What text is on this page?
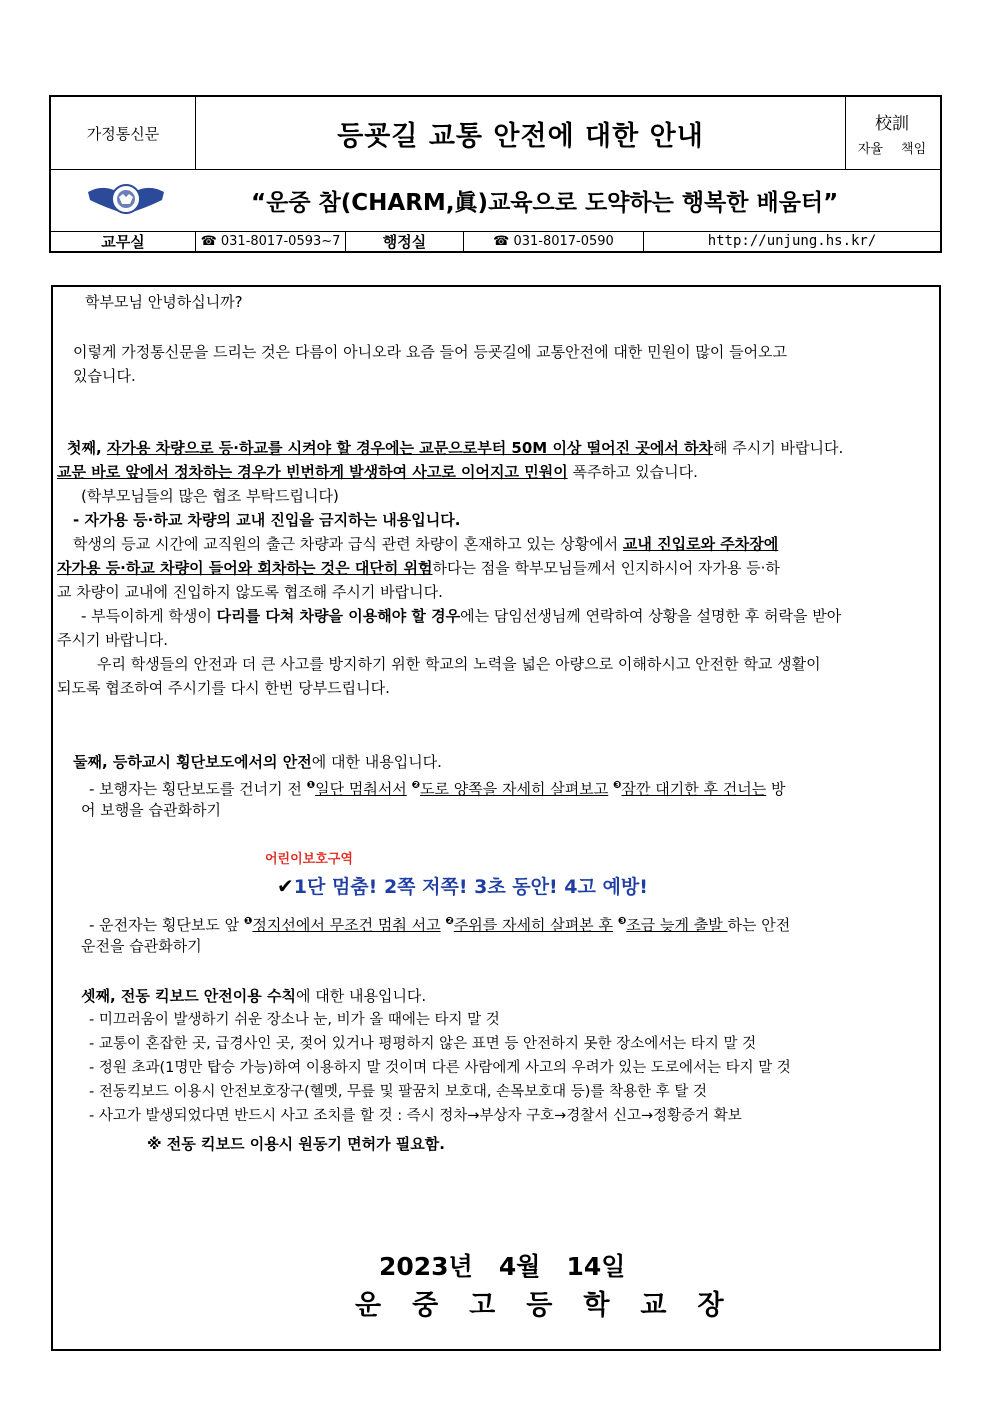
가정통신문	등굣길 교통 안전에 대한 안내	校訓
자율 책임
“운중 참(CHARM,眞)교육으로 도약하는 행복한 배움터”
교무실	☎ 031-8017-0593~7	행정실	☎ 031-8017-0590	http://unjung.hs.kr/
학부모님 안녕하십니까?
이렇게 가정통신문을 드리는 것은 다름이 아니오라 요즘 들어 등굣길에 교통안전에 대한 민원이 많이 들어오고
있습니다.
첫째, 자가용 차량으로 등·하교를 시켜야 할 경우에는 교문으로부터 50M 이상 떨어진 곳에서 하차해 주시기 바랍니다.
교문 바로 앞에서 정차하는 경우가 빈번하게 발생하여 사고로 이어지고 민원이 폭주하고 있습니다.
(학부모님들의 많은 협조 부탁드립니다)
- 자가용 등·하교 차량의 교내 진입을 금지하는 내용입니다.
학생의 등교 시간에 교직원의 출근 차량과 급식 관련 차량이 혼재하고 있는 상황에서 교내 진입로와 주차장에
자가용 등·하교 차량이 들어와 회차하는 것은 대단히 위험하다는 점을 학부모님들께서 인지하시어 자가용 등·하
교 차량이 교내에 진입하지 않도록 협조해 주시기 바랍니다.
- 부득이하게 학생이 다리를 다쳐 차량을 이용해야 할 경우에는 담임선생님께 연락하여 상황을 설명한 후 허락을 받아
주시기 바랍니다.
우리 학생들의 안전과 더 큰 사고를 방지하기 위한 학교의 노력을 넓은 아량으로 이해하시고 안전한 학교 생활이
되도록 협조하여 주시기를 다시 한번 당부드립니다.
둘째, 등하교시 횡단보도에서의 안전에 대한 내용입니다.
- 보행자는 횡단보도를 건너기 전 $^❶$일단 멈춰서서 $^❷$도로 양쪽을 자세히 살펴보고 $^❸$잠깐 대기한 후 건너는 방
어 보행을 습관화하기
어린이보호구역
✔1단 멈춤! 2쪽 저쪽! 3초 동안! 4고 예방!
- 운전자는 횡단보도 앞 $^❶$정지선에서 무조건 멈춰 서고 $^❷$주위를 자세히 살펴본 후 $^❸$조금 늦게 출발 하는 안전
운전을 습관화하기
셋째, 전동 킥보드 안전이용 수칙에 대한 내용입니다.
- 미끄러움이 발생하기 쉬운 장소나 눈, 비가 올 때에는 타지 말 것
- 교통이 혼잡한 곳, 급경사인 곳, 젖어 있거나 평평하지 않은 표면 등 안전하지 못한 장소에서는 타지 말 것
- 정원 초과(1명만 탑승 가능)하여 이용하지 말 것이며 다른 사람에게 사고의 우려가 있는 도로에서는 타지 말 것
- 전동킥보드 이용시 안전보호장구(헬멧, 무릎 및 팔꿈치 보호대, 손목보호대 등)를 착용한 후 탈 것
- 사고가 발생되었다면 반드시 사고 조치를 할 것 : 즉시 정차→부상자 구호→경찰서 신고→정황증거 확보
※ 전동 킥보드 이용시 원동기 면허가 필요함.
2023년   4월   14일
운중고등학교장
